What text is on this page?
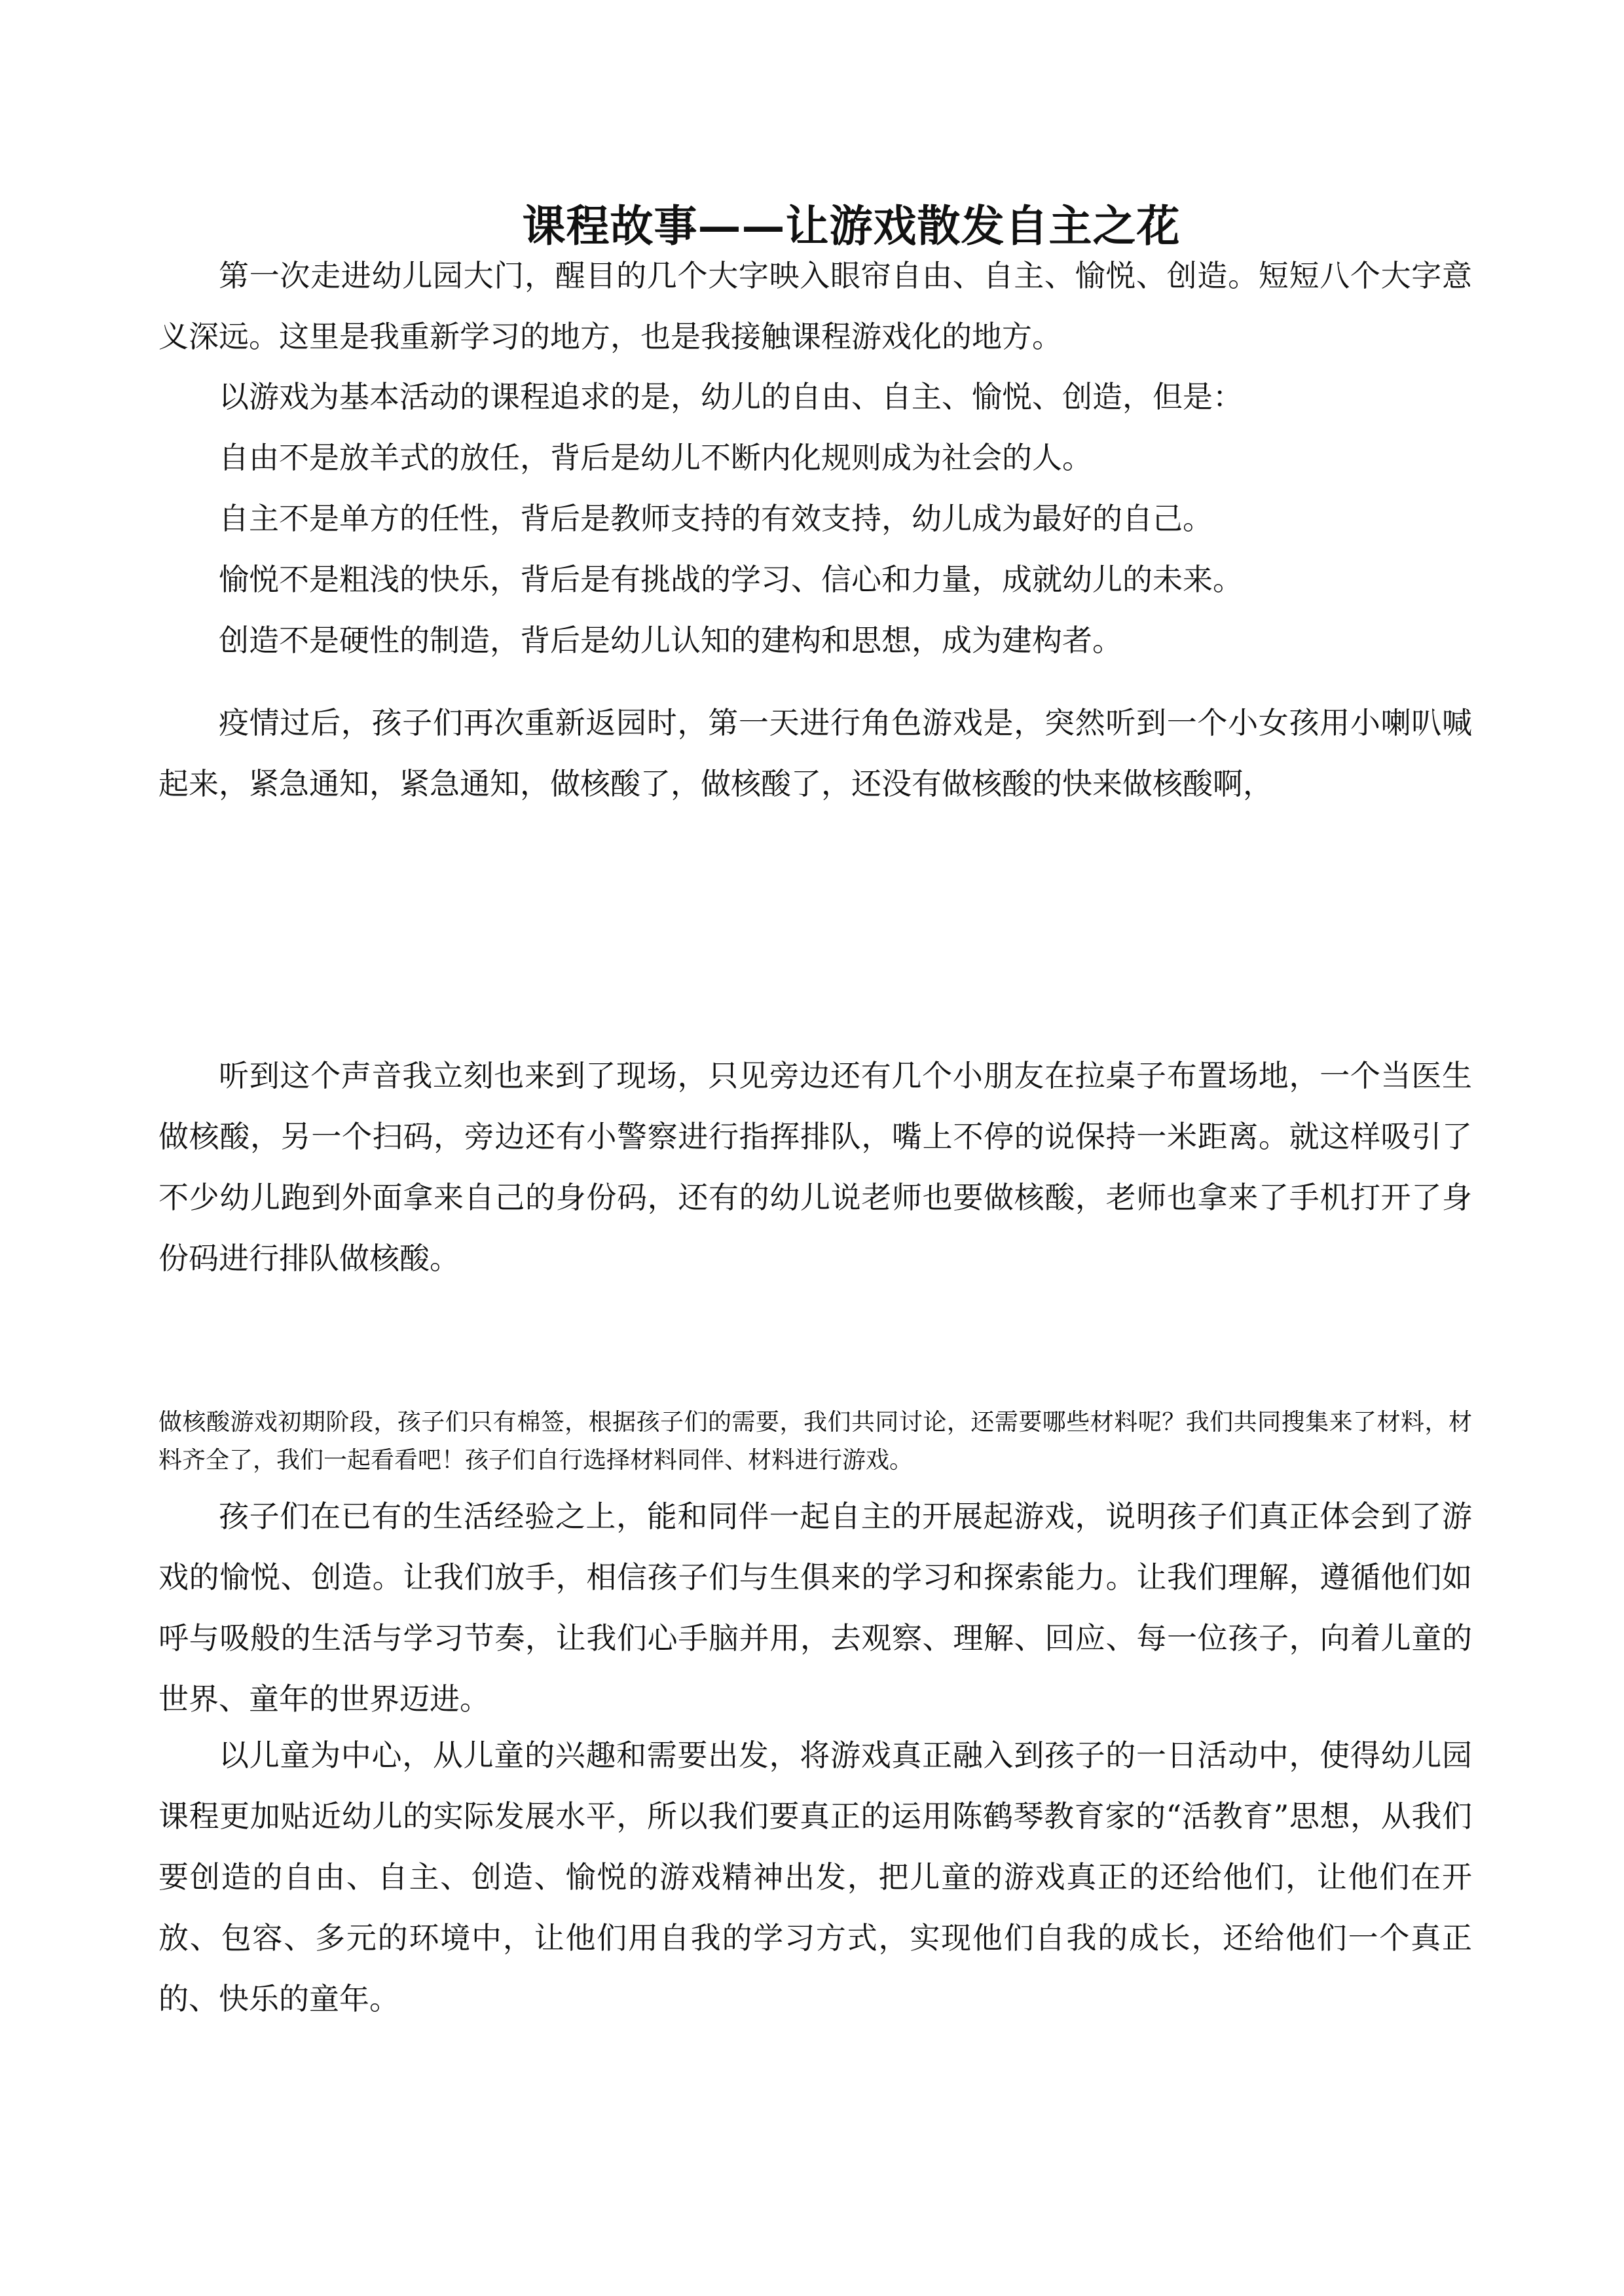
课程故事——让游戏散发自主之花

第一次走进幼儿园大门，醒目的几个大字映入眼帘自由、自主、愉悦、创造。短短八个大字意义深远。这里是我重新学习的地方，也是我接触课程游戏化的地方。

以游戏为基本活动的课程追求的是，幼儿的自由、自主、愉悦、创造，但是：

自由不是放羊式的放任，背后是幼儿不断内化规则成为社会的人。

自主不是单方的任性，背后是教师支持的有效支持，幼儿成为最好的自己。

愉悦不是粗浅的快乐，背后是有挑战的学习、信心和力量，成就幼儿的未来。

创造不是硬性的制造，背后是幼儿认知的建构和思想，成为建构者。

疫情过后，孩子们再次重新返园时，第一天进行角色游戏是，突然听到一个小女孩用小喇叭喊起来，紧急通知，紧急通知，做核酸了，做核酸了，还没有做核酸的快来做核酸啊，

听到这个声音我立刻也来到了现场，只见旁边还有几个小朋友在拉桌子布置场地，一个当医生做核酸，另一个扫码，旁边还有小警察进行指挥排队，嘴上不停的说保持一米距离。就这样吸引了不少幼儿跑到外面拿来自己的身份码，还有的幼儿说老师也要做核酸，老师也拿来了手机打开了身份码进行排队做核酸。

做核酸游戏初期阶段，孩子们只有棉签，根据孩子们的需要，我们共同讨论，还需要哪些材料呢？我们共同搜集来了材料，材料齐全了，我们一起看看吧！孩子们自行选择材料同伴、材料进行游戏。

孩子们在已有的生活经验之上，能和同伴一起自主的开展起游戏，说明孩子们真正体会到了游戏的愉悦、创造。让我们放手，相信孩子们与生俱来的学习和探索能力。让我们理解，遵循他们如呼与吸般的生活与学习节奏，让我们心手脑并用，去观察、理解、回应、每一位孩子，向着儿童的世界、童年的世界迈进。

以儿童为中心，从儿童的兴趣和需要出发，将游戏真正融入到孩子的一日活动中，使得幼儿园课程更加贴近幼儿的实际发展水平，所以我们要真正的运用陈鹤琴教育家的“活教育”思想，从我们要创造的自由、自主、创造、愉悦的游戏精神出发，把儿童的游戏真正的还给他们，让他们在开放、包容、多元的环境中，让他们用自我的学习方式，实现他们自我的成长，还给他们一个真正的、快乐的童年。
